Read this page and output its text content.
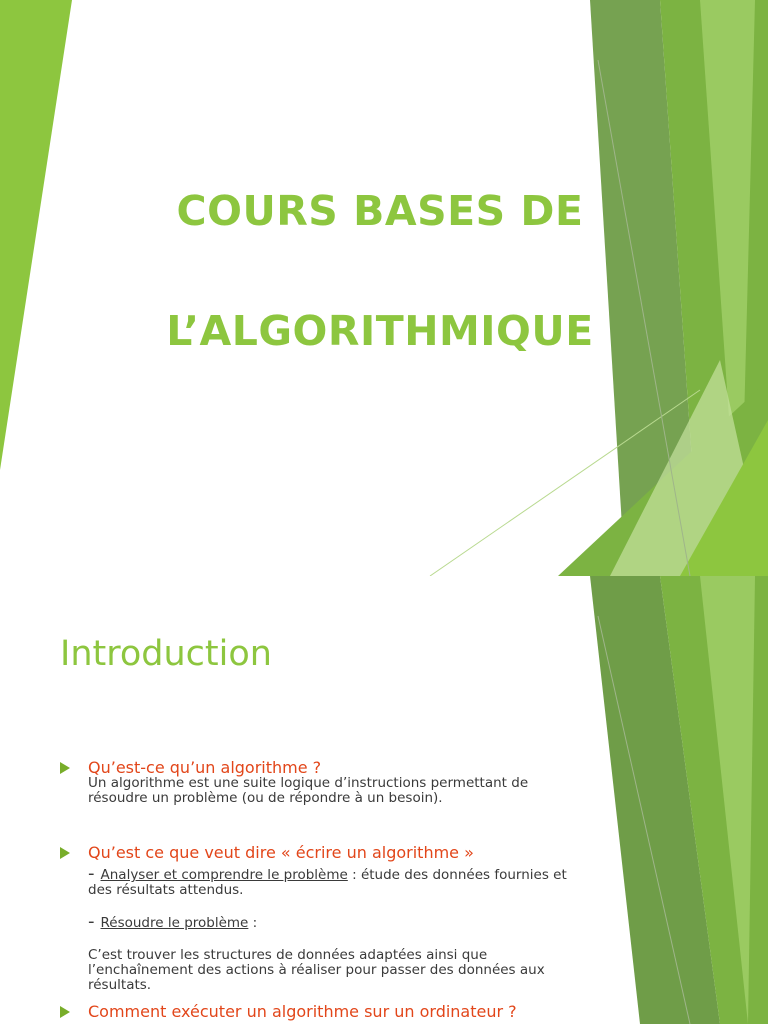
COURS BASES DE
L’ALGORITHMIQUE
Introduction
Qu’est-ce qu’un algorithme ?
Un algorithme est une suite logique d’instructions permettant de résoudre un problème (ou de répondre à un besoin).
Qu’est ce que veut dire « écrire un algorithme »
- Analyser et comprendre le problème : étude des données fournies et des résultats attendus.
- Résoudre le problème :
C’est trouver les structures de données adaptées ainsi que l’enchaînement des actions à réaliser pour passer des données aux résultats.
Comment exécuter un algorithme sur un ordinateur ?
